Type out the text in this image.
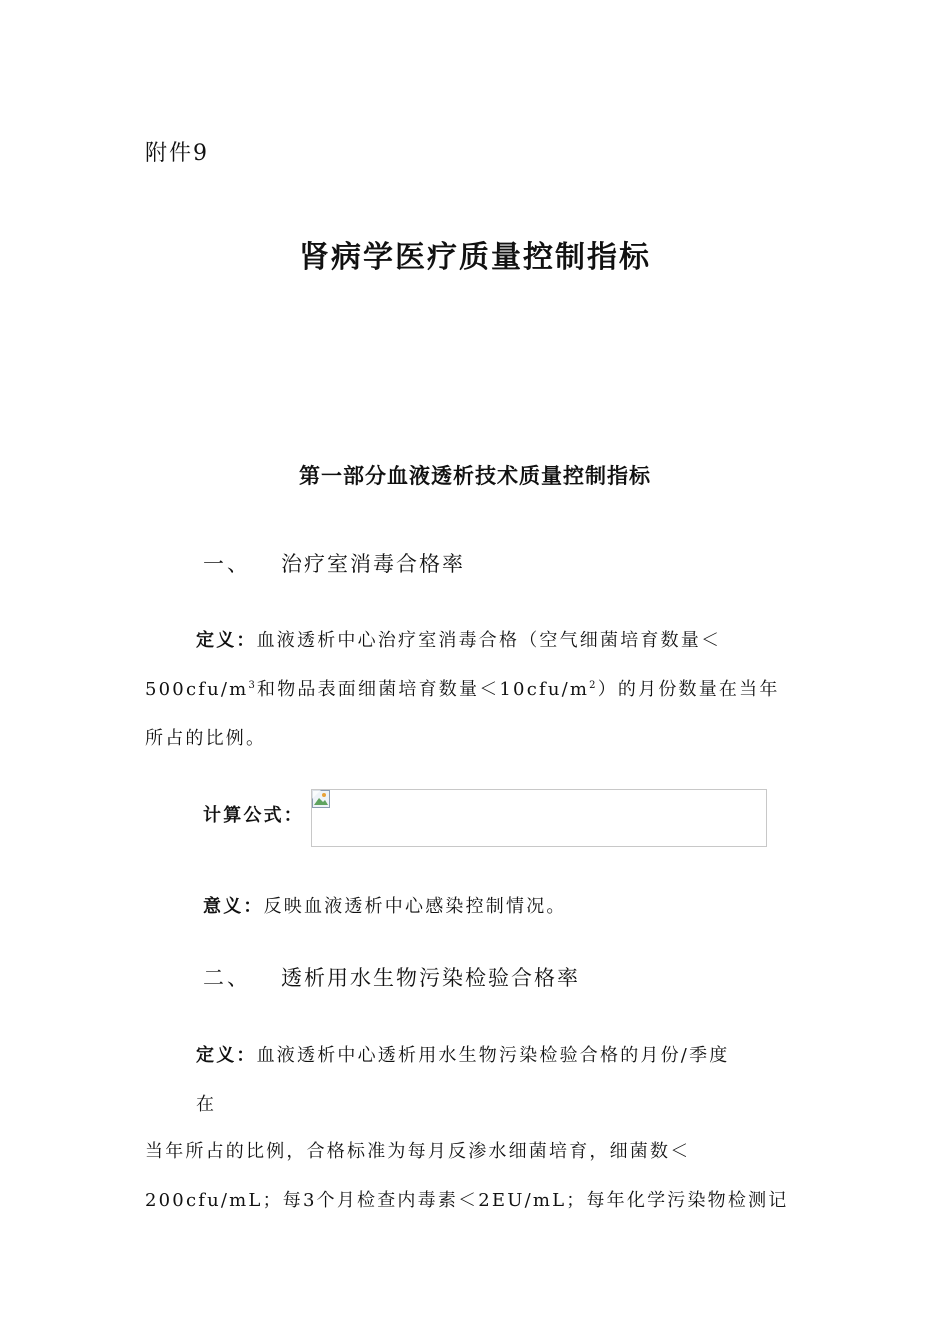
附件9
肾病学医疗质量控制指标
第一部分血液透析技术质量控制指标
一、 治疗室消毒合格率
定义：血液透析中心治疗室消毒合格（空气细菌培育数量＜
$500cfu/m^3$和物品表面细菌培育数量$<10cfu/m^2$）的月份数量在当年
所占的比例。
计算公式：
意义：反映血液透析中心感染控制情况。
二、 透析用水生物污染检验合格率
定义：血液透析中心透析用水生物污染检验合格的月份/季度
在
当年所占的比例，合格标准为每月反渗水细菌培育，细菌数＜
200cfu/mL；每3个月检查内毒素＜2EU/mL；每年化学污染物检测记
